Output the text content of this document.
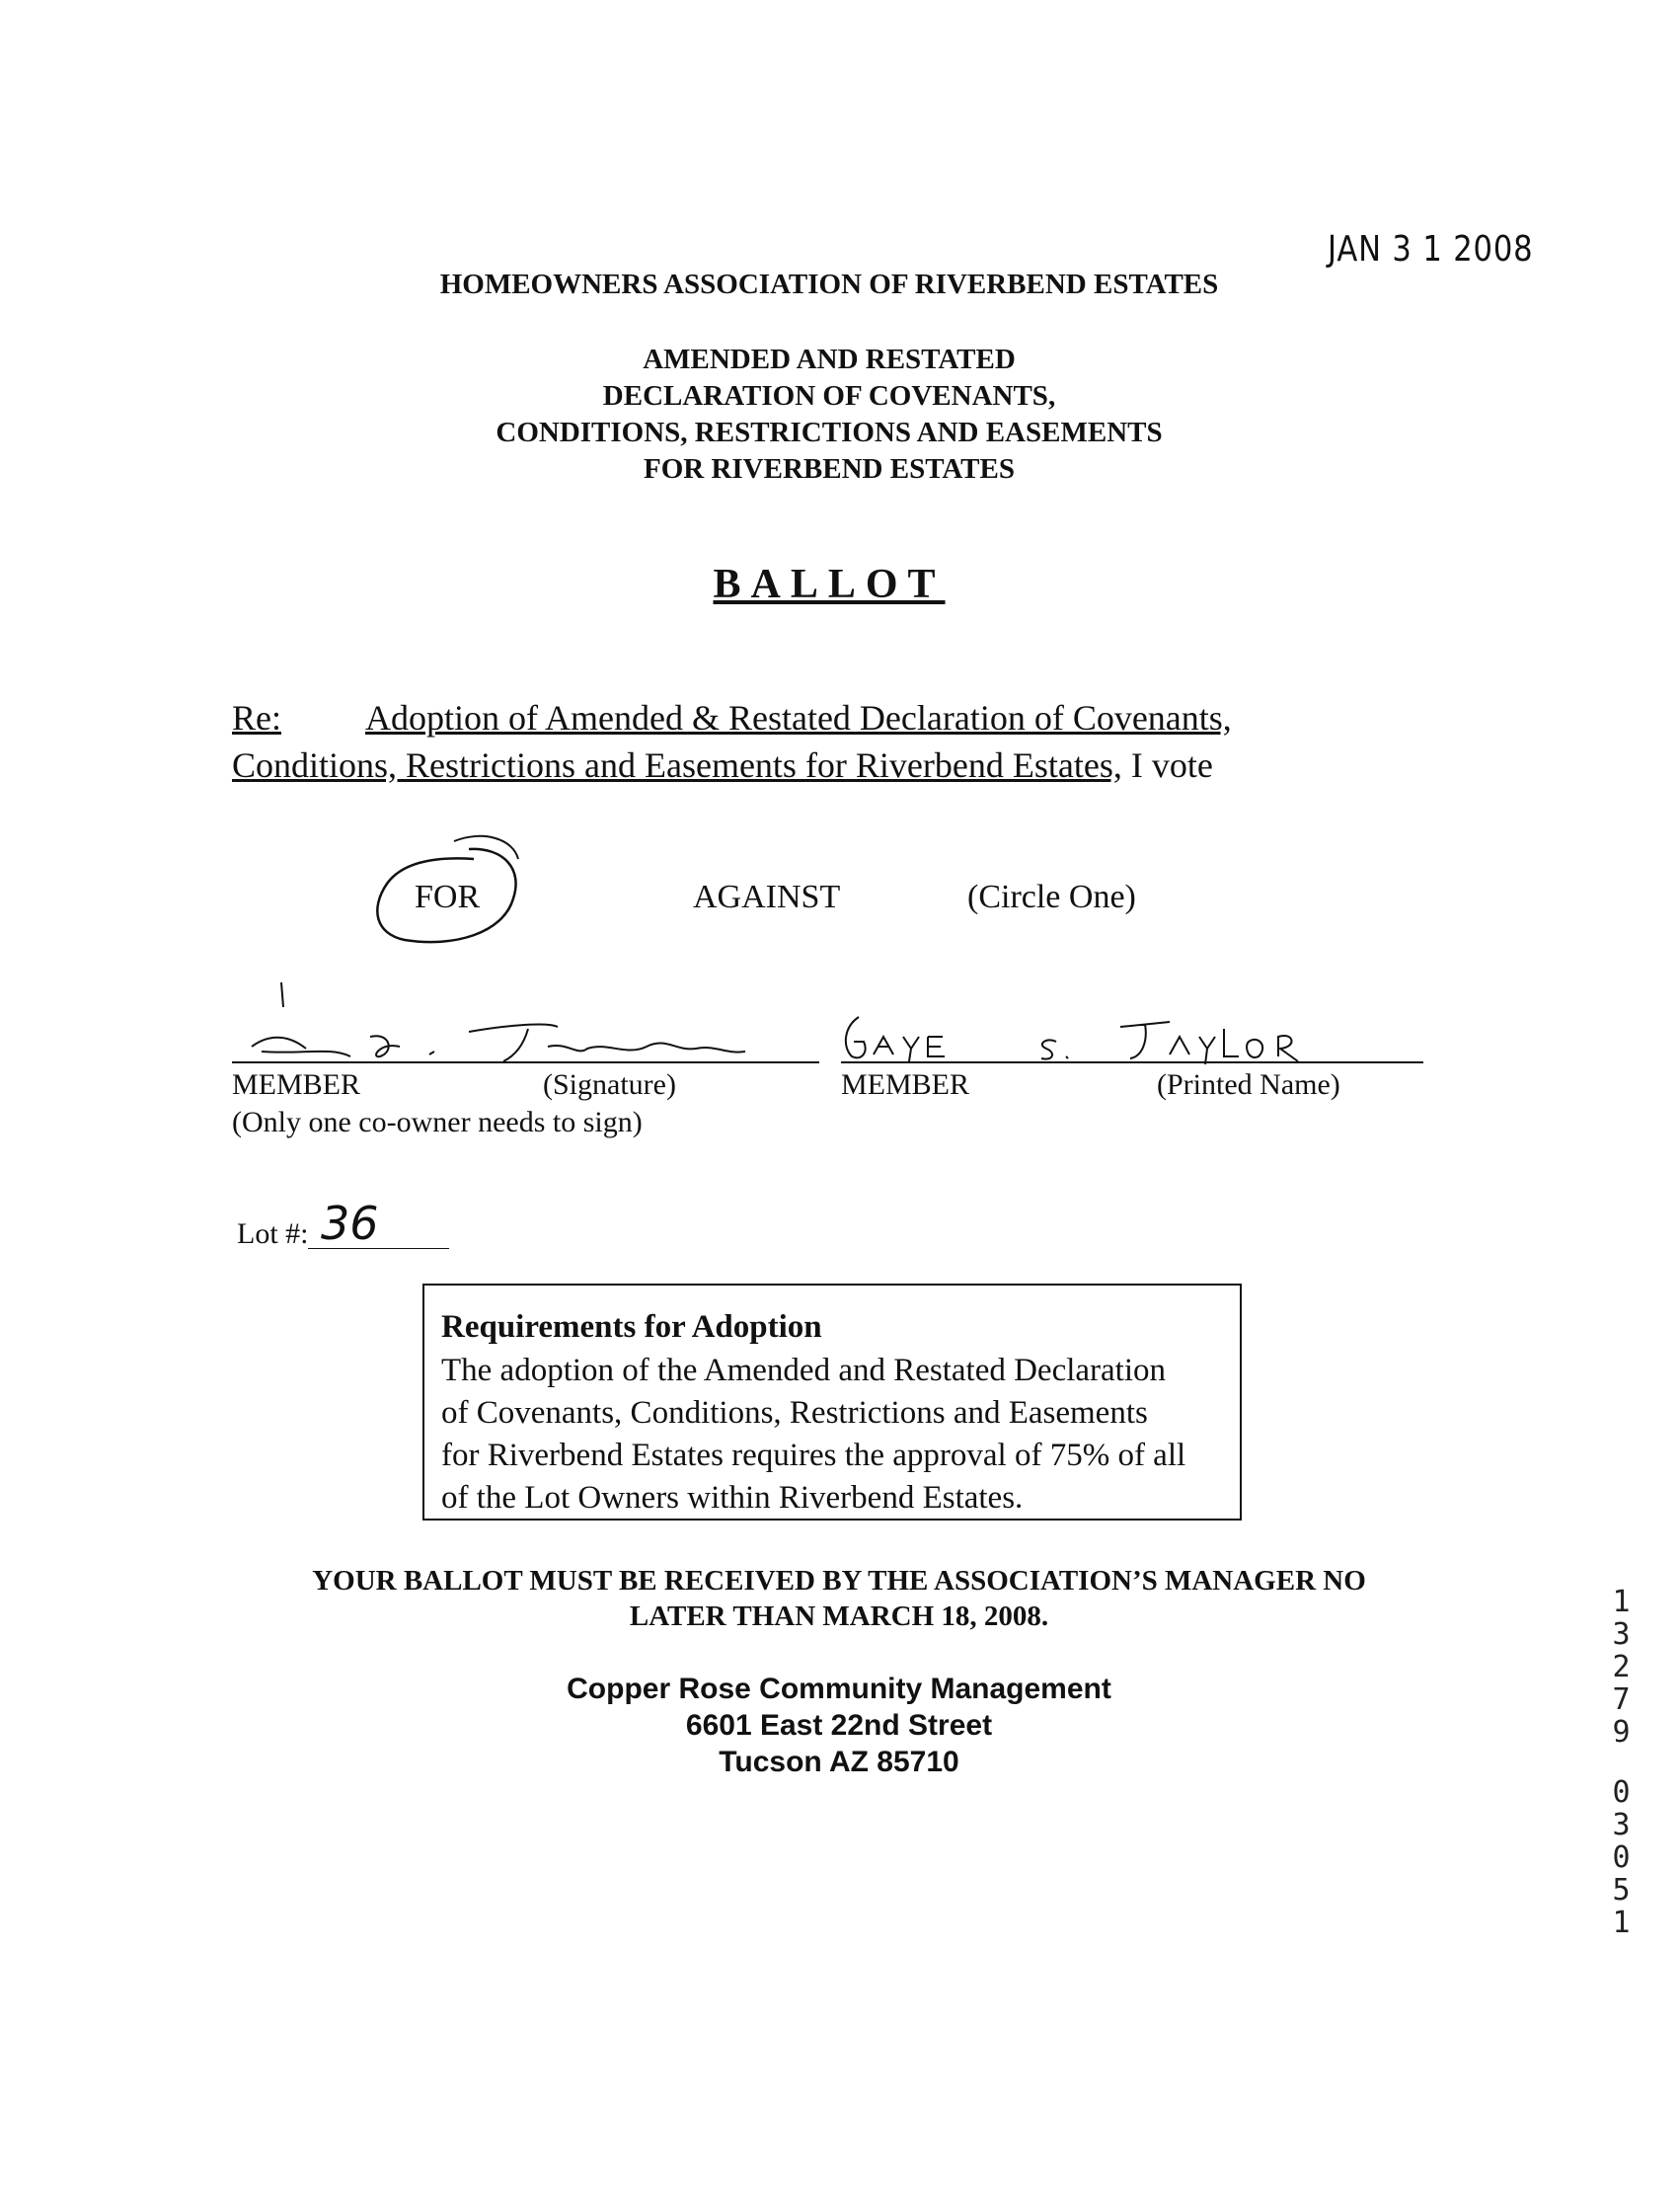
JAN 3 1 2008
HOMEOWNERS ASSOCIATION OF RIVERBEND ESTATES
AMENDED AND RESTATED
DECLARATION OF COVENANTS,
CONDITIONS, RESTRICTIONS AND EASEMENTS
FOR RIVERBEND ESTATES
BALLOT
Re: Adoption of Amended & Restated Declaration of Covenants,
Conditions, Restrictions and Easements for Riverbend Estates, I vote
FOR	AGAINST	(Circle One)
MEMBER	(Signature)	MEMBER	(Printed Name)
(Only one co-owner needs to sign)
Lot #: 36

Requirements for Adoption

The adoption of the Amended and Restated Declaration
of Covenants, Conditions, Restrictions and Easements
for Riverbend Estates requires the approval of 75% of all
of the Lot Owners within Riverbend Estates.

YOUR BALLOT MUST BE RECEIVED BY THE ASSOCIATION’S MANAGER NO
LATER THAN MARCH 18, 2008.
Copper Rose Community Management
6601 East 22nd Street
Tucson AZ 85710
13279
03051
